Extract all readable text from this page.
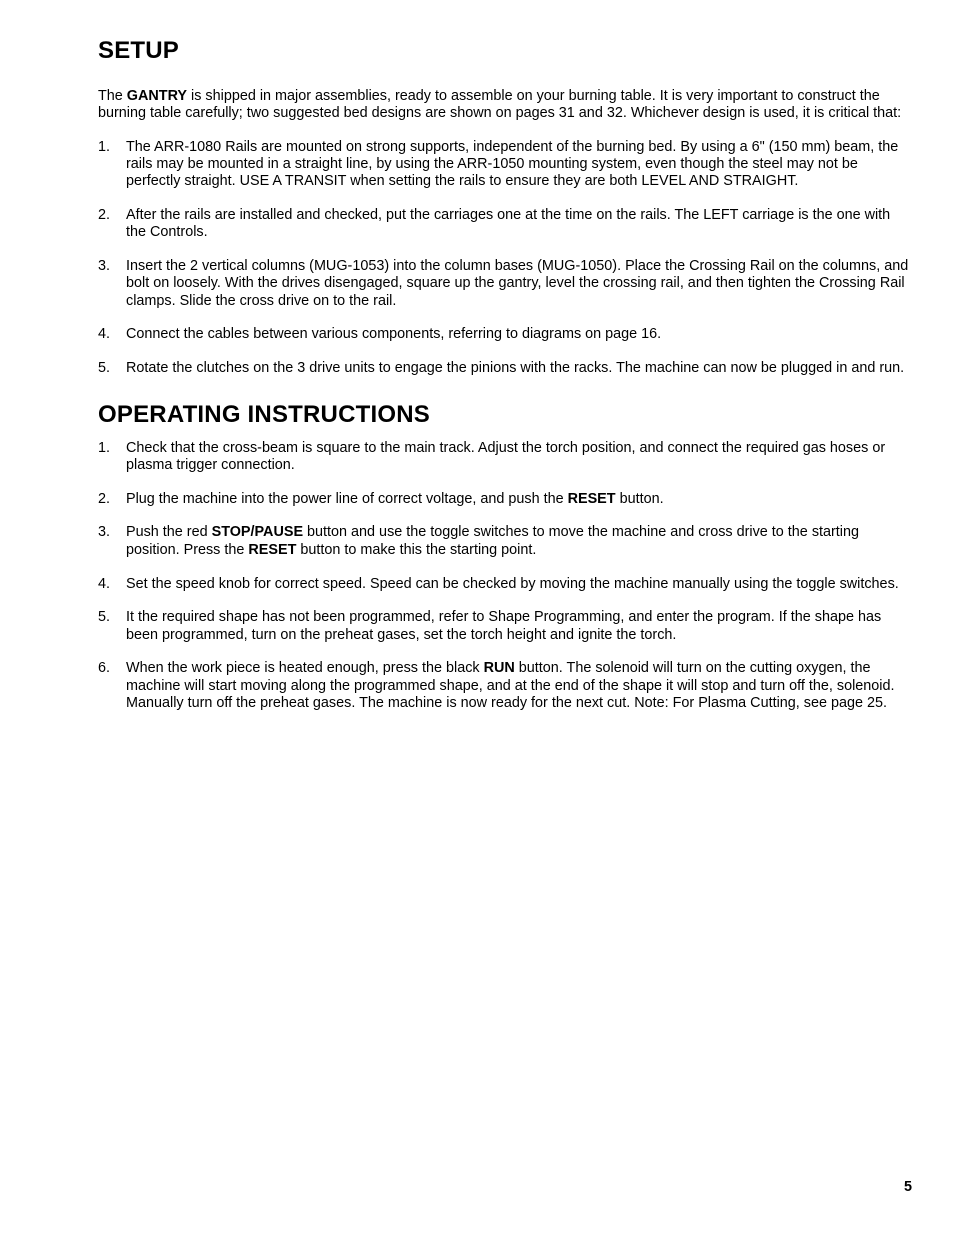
SETUP

The GANTRY is shipped in major assemblies, ready to assemble on your burning table. It is very important to construct the burning table carefully; two suggested bed designs are shown on pages 31 and 32. Whichever design is used, it is critical that:

1.	The ARR-1080 Rails are mounted on strong supports, independent of the burning bed. By using a 6" (150 mm) beam, the rails may be mounted in a straight line, by using the ARR-1050 mounting system, even though the steel may not be perfectly straight. USE A TRANSIT when setting the rails to ensure they are both LEVEL AND STRAIGHT.
2.	After the rails are installed and checked, put the carriages one at the time on the rails. The LEFT carriage is the one with the Controls.
3.	Insert the 2 vertical columns (MUG-1053) into the column bases (MUG-1050). Place the Crossing Rail on the columns, and bolt on loosely. With the drives disengaged, square up the gantry, level the crossing rail, and then tighten the Crossing Rail clamps. Slide the cross drive on to the rail.
4.	Connect the cables between various components, referring to diagrams on page 16.
5.	Rotate the clutches on the 3 drive units to engage the pinions with the racks. The machine can now be plugged in and run.
OPERATING INSTRUCTIONS
1.	Check that the cross-beam is square to the main track. Adjust the torch position, and connect the required gas hoses or plasma trigger connection.
2.	Plug the machine into the power line of correct voltage, and push the RESET button.
3.	Push the red STOP/PAUSE button and use the toggle switches to move the machine and cross drive to the starting position. Press the RESET button to make this the starting point.
4.	Set the speed knob for correct speed. Speed can be checked by moving the machine manually using the toggle switches.
5.	It the required shape has not been programmed, refer to Shape Programming, and enter the program. If the shape has been programmed, turn on the preheat gases, set the torch height and ignite the torch.
6.	When the work piece is heated enough, press the black RUN button. The solenoid will turn on the cutting oxygen, the machine will start moving along the programmed shape, and at the end of the shape it will stop and turn off the, solenoid. Manually turn off the preheat gases. The machine is now ready for the next cut. Note: For Plasma Cutting, see page 25.
5
